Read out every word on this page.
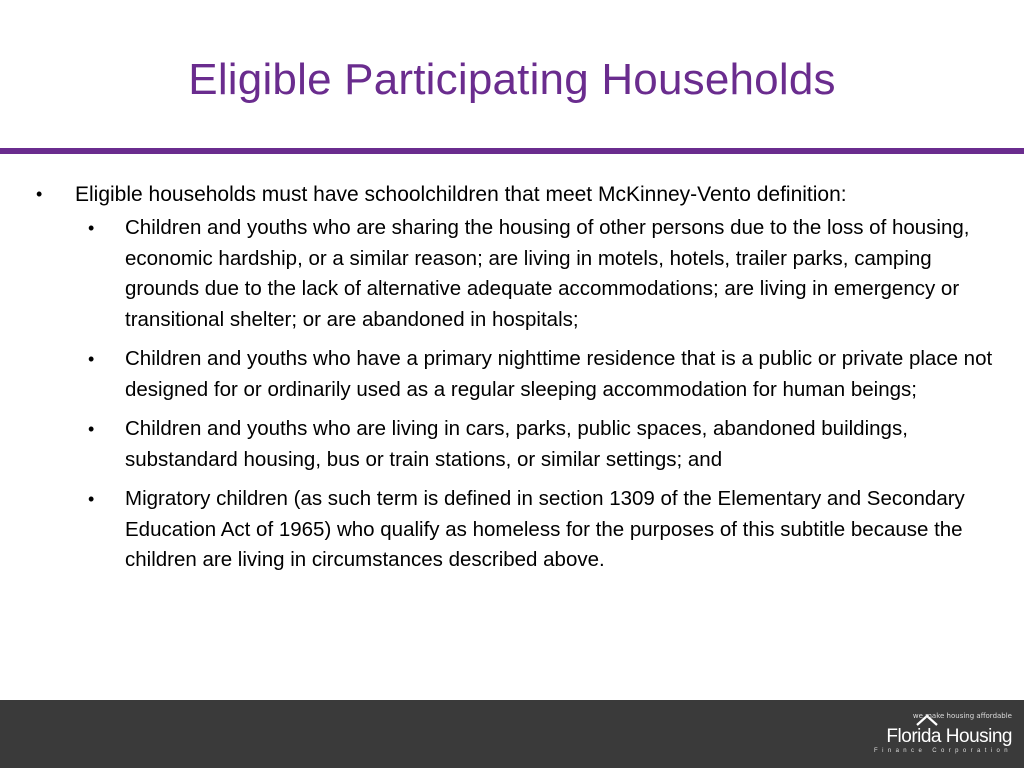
Eligible Participating Households
• Eligible households must have schoolchildren that meet McKinney-Vento definition:
• Children and youths who are sharing the housing of other persons due to the loss of housing, economic hardship, or a similar reason; are living in motels, hotels, trailer parks, camping grounds due to the lack of alternative adequate accommodations; are living in emergency or transitional shelter; or are abandoned in hospitals;
• Children and youths who have a primary nighttime residence that is a public or private place not designed for or ordinarily used as a regular sleeping accommodation for human beings;
• Children and youths who are living in cars, parks, public spaces, abandoned buildings, substandard housing, bus or train stations, or similar settings; and
• Migratory children (as such term is defined in section 1309 of the Elementary and Secondary Education Act of 1965) who qualify as homeless for the purposes of this subtitle because the children are living in circumstances described above.
we make housing affordable
Florida Housing
Finance Corporation
